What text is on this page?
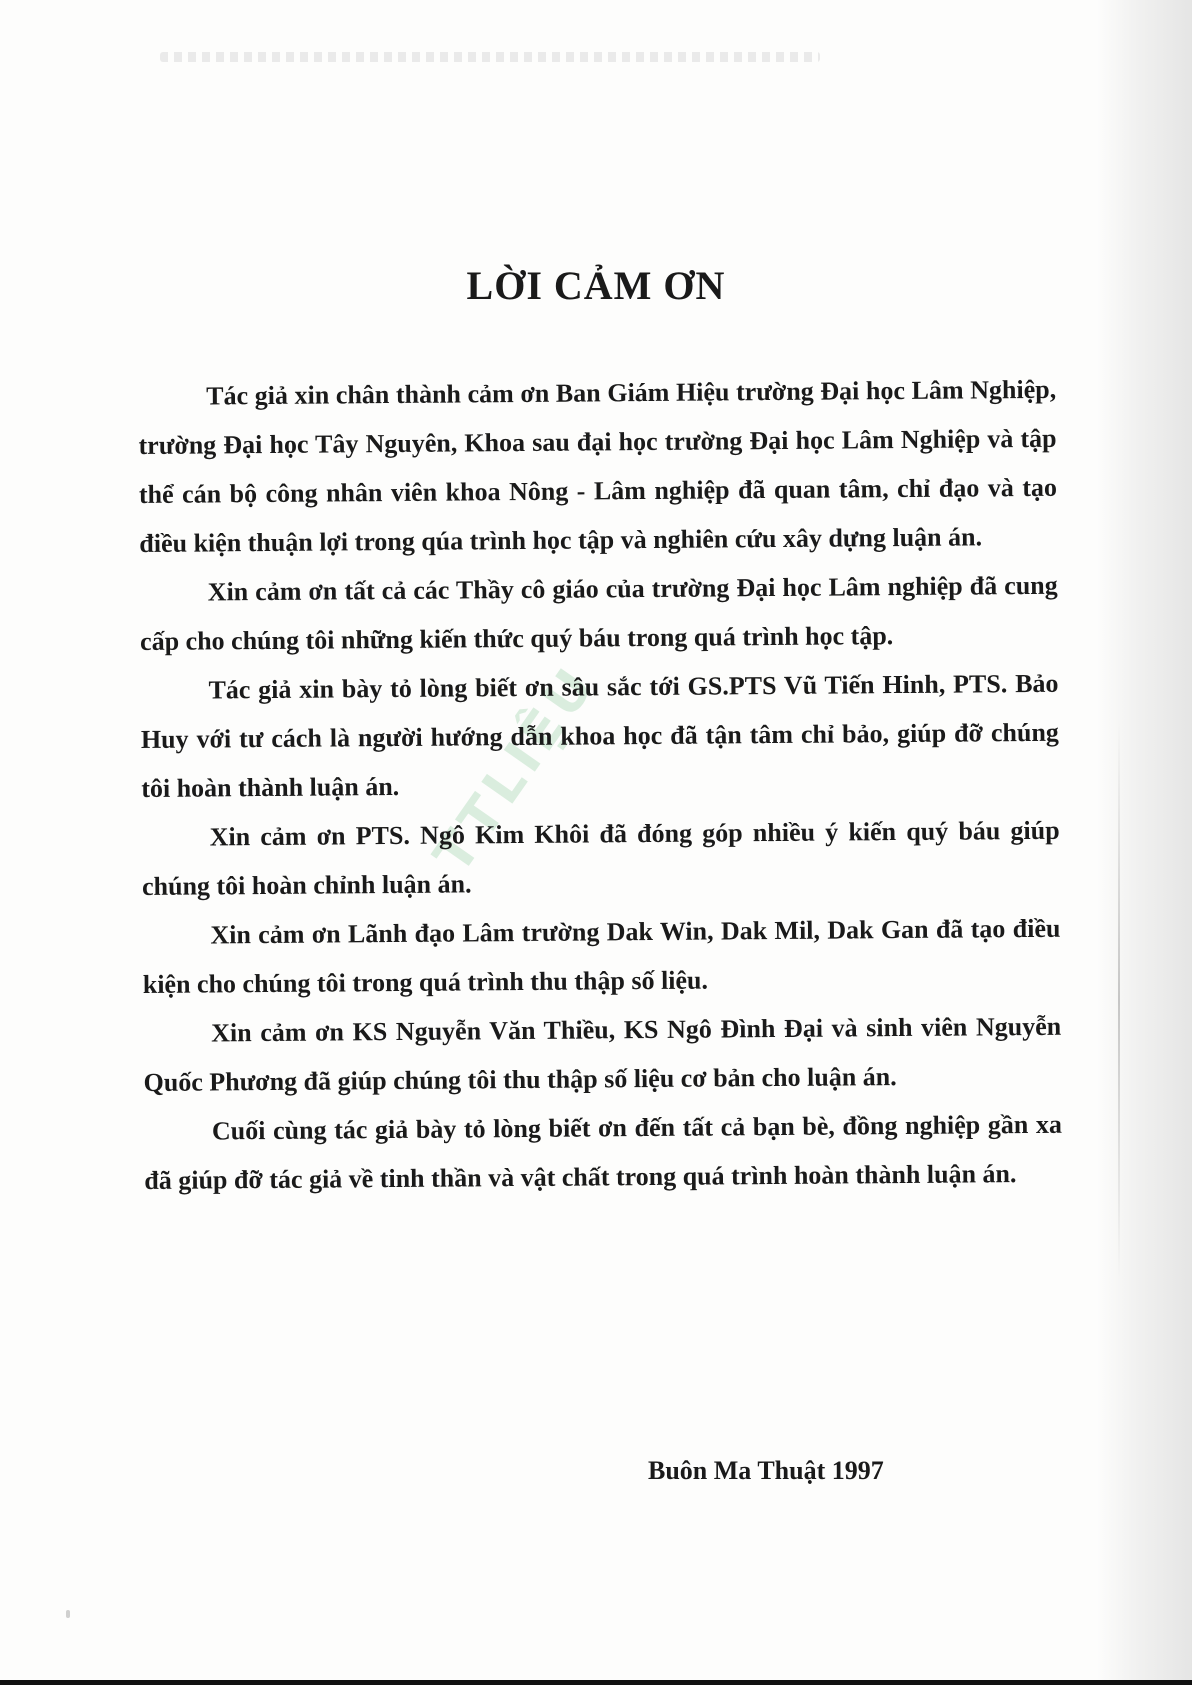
TTLIỆU
LỜI CẢM ƠN

Tác giả xin chân thành cảm ơn Ban Giám Hiệu trường Đại học Lâm Nghiệp, trường Đại học Tây Nguyên, Khoa sau đại học trường Đại học Lâm Nghiệp và tập thể cán bộ công nhân viên khoa Nông - Lâm nghiệp đã quan tâm, chỉ đạo và tạo điều kiện thuận lợi trong qúa trình học tập và nghiên cứu xây dựng luận án.

Xin cảm ơn tất cả các Thầy cô giáo của trường Đại học Lâm nghiệp đã cung cấp cho chúng tôi những kiến thức quý báu trong quá trình học tập.

Tác giả xin bày tỏ lòng biết ơn sâu sắc tới GS.PTS Vũ Tiến Hinh, PTS. Bảo Huy với tư cách là người hướng dẫn khoa học đã tận tâm chỉ bảo, giúp đỡ chúng tôi hoàn thành luận án.

Xin cảm ơn PTS. Ngô Kim Khôi đã đóng góp nhiều ý kiến quý báu giúp chúng tôi hoàn chỉnh luận án.

Xin cảm ơn Lãnh đạo Lâm trường Dak Win, Dak Mil, Dak Gan đã tạo điều kiện cho chúng tôi trong quá trình thu thập số liệu.

Xin cảm ơn KS Nguyễn Văn Thiều, KS Ngô Đình Đại và sinh viên Nguyễn Quốc Phương đã giúp chúng tôi thu thập số liệu cơ bản cho luận án.

Cuối cùng tác giả bày tỏ lòng biết ơn đến tất cả bạn bè, đồng nghiệp gần xa đã giúp đỡ tác giả về tinh thần và vật chất trong quá trình hoàn thành luận án.

Buôn Ma Thuật 1997
